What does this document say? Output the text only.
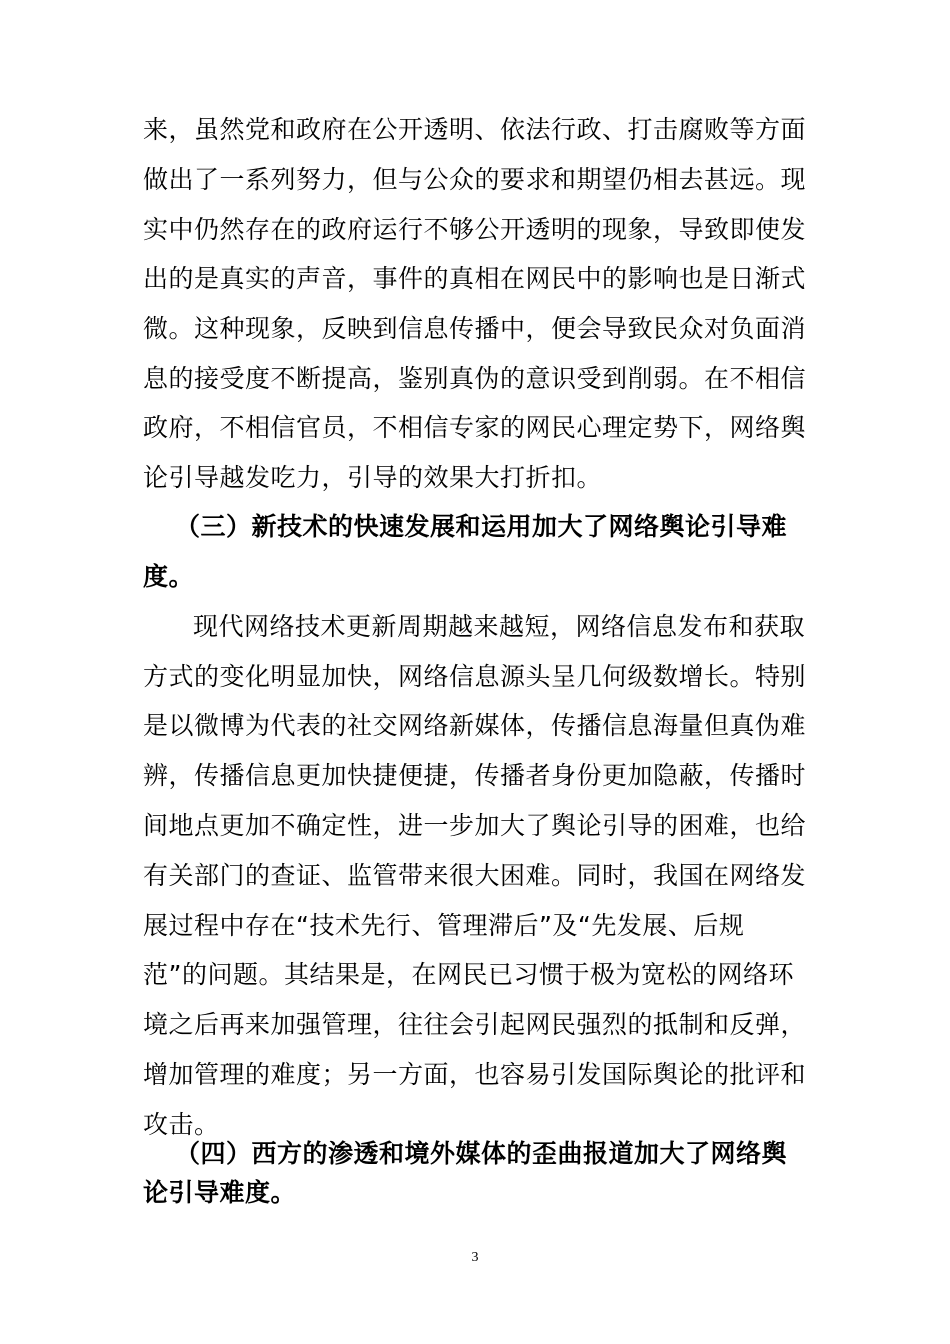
来，虽然党和政府在公开透明、依法行政、打击腐败等方面
做出了一系列努力，但与公众的要求和期望仍相去甚远。现
实中仍然存在的政府运行不够公开透明的现象，导致即使发
出的是真实的声音，事件的真相在网民中的影响也是日渐式
微。这种现象，反映到信息传播中，便会导致民众对负面消
息的接受度不断提高，鉴别真伪的意识受到削弱。在不相信
政府，不相信官员，不相信专家的网民心理定势下，网络舆
论引导越发吃力，引导的效果大打折扣。
（三）新技术的快速发展和运用加大了网络舆论引导难
度。
现代网络技术更新周期越来越短，网络信息发布和获取
方式的变化明显加快，网络信息源头呈几何级数增长。特别
是以微博为代表的社交网络新媒体，传播信息海量但真伪难
辨，传播信息更加快捷便捷，传播者身份更加隐蔽，传播时
间地点更加不确定性，进一步加大了舆论引导的困难，也给
有关部门的查证、监管带来很大困难。同时，我国在网络发
展过程中存在“技术先行、管理滞后”及“先发展、后规
范”的问题。其结果是，在网民已习惯于极为宽松的网络环
境之后再来加强管理，往往会引起网民强烈的抵制和反弹，
增加管理的难度；另一方面，也容易引发国际舆论的批评和
攻击。
（四）西方的渗透和境外媒体的歪曲报道加大了网络舆
论引导难度。
3
